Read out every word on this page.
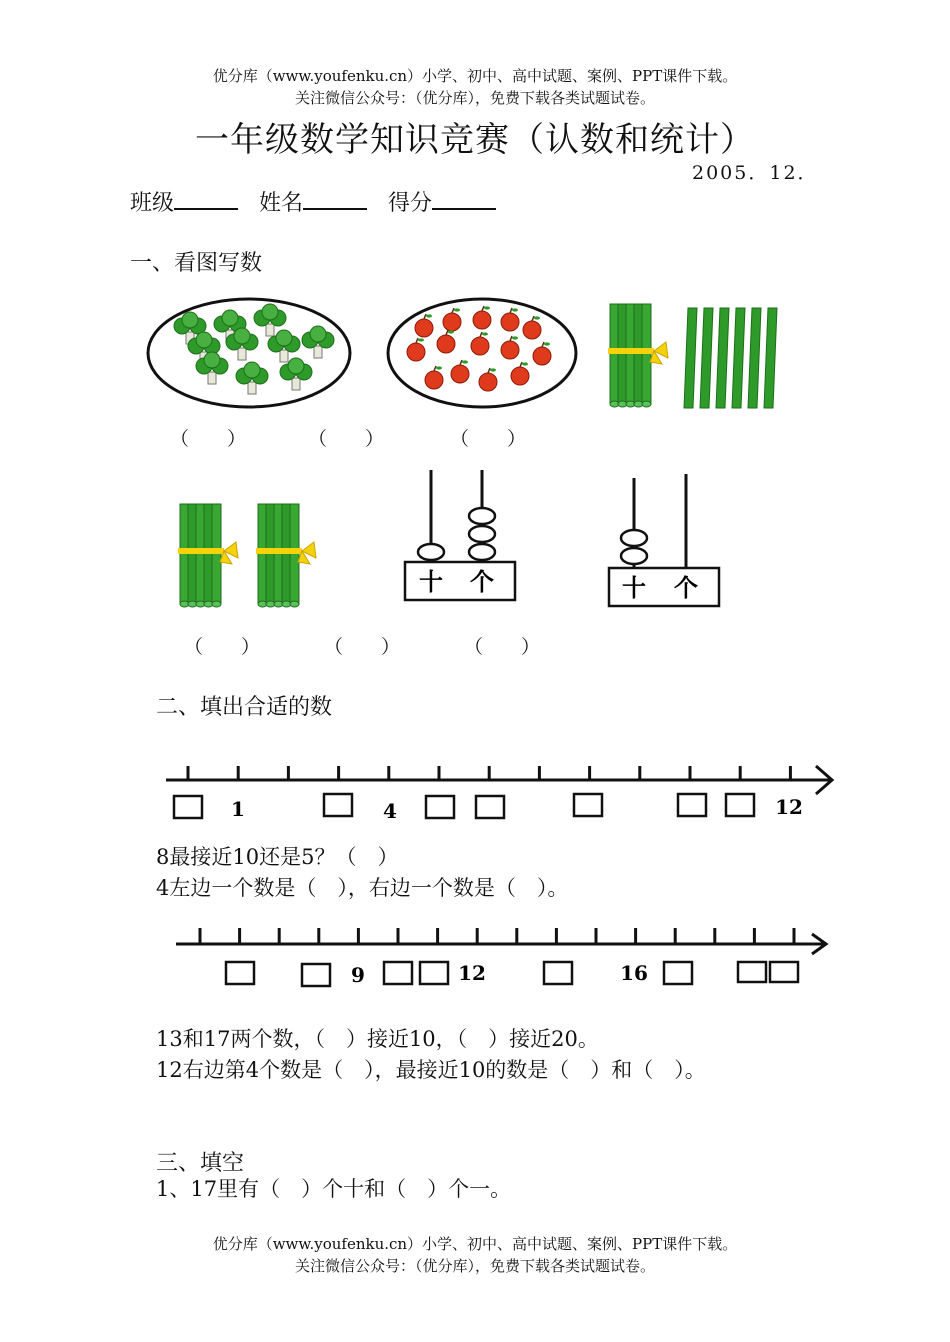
优分库（www.youfenku.cn）小学、初中、高中试题、案例、PPT课件下载。
关注微信公众号：（优分库），免费下载各类试题试卷。
一年级数学知识竞赛（认数和统计）
2005．12．
班级	姓名	得分
一、看图写数
（　　）	（　　）	（　　）
十 个	十 个
（　　）	（　　）	（　　）
二、填出合适的数
1	4	12
8最接近10还是5？（　）
4左边一个数是（　），右边一个数是（　）。
9	12	16
13和17两个数，（　）接近10，（　）接近20。
12右边第4个数是（　），最接近10的数是（　）和（　）。
三、填空
1、17里有（　）个十和（　）个一。
优分库（www.youfenku.cn）小学、初中、高中试题、案例、PPT课件下载。
关注微信公众号：（优分库），免费下载各类试题试卷。
